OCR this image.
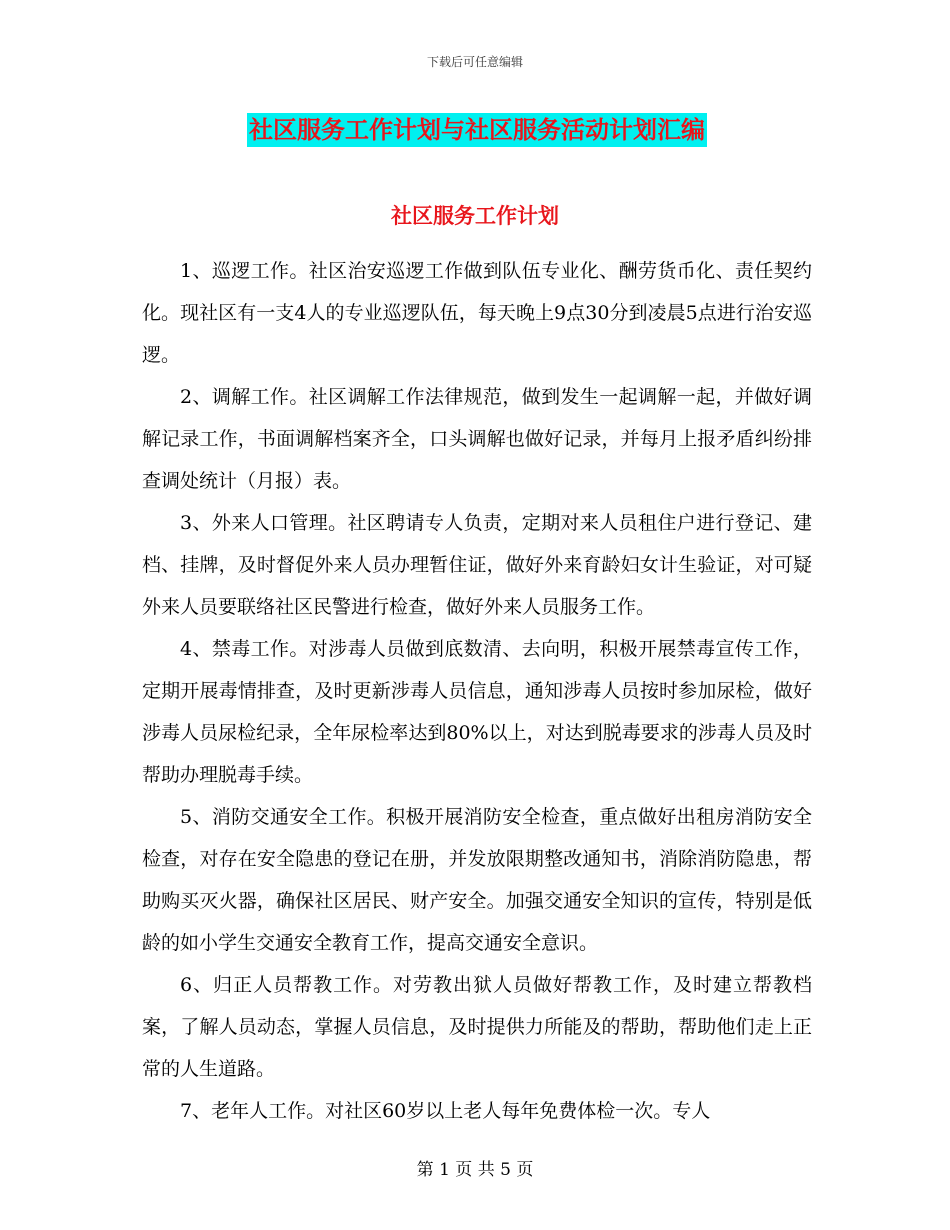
下载后可任意编辑
社区服务工作计划与社区服务活动计划汇编
社区服务工作计划

1、巡逻工作。社区治安巡逻工作做到队伍专业化、酬劳货币化、责任契约化。现社区有一支4人的专业巡逻队伍，每天晚上9点30分到凌晨5点进行治安巡逻。

2、调解工作。社区调解工作法律规范，做到发生一起调解一起，并做好调解记录工作，书面调解档案齐全，口头调解也做好记录，并每月上报矛盾纠纷排查调处统计（月报）表。

3、外来人口管理。社区聘请专人负责，定期对来人员租住户进行登记、建档、挂牌，及时督促外来人员办理暂住证，做好外来育龄妇女计生验证，对可疑外来人员要联络社区民警进行检查，做好外来人员服务工作。

4、禁毒工作。对涉毒人员做到底数清、去向明，积极开展禁毒宣传工作，定期开展毒情排查，及时更新涉毒人员信息，通知涉毒人员按时参加尿检，做好涉毒人员尿检纪录，全年尿检率达到80%以上，对达到脱毒要求的涉毒人员及时帮助办理脱毒手续。

5、消防交通安全工作。积极开展消防安全检查，重点做好出租房消防安全检查，对存在安全隐患的登记在册，并发放限期整改通知书，消除消防隐患，帮助购买灭火器，确保社区居民、财产安全。加强交通安全知识的宣传，特别是低龄的如小学生交通安全教育工作，提高交通安全意识。

6、归正人员帮教工作。对劳教出狱人员做好帮教工作，及时建立帮教档案，了解人员动态，掌握人员信息，及时提供力所能及的帮助，帮助他们走上正常的人生道路。

7、老年人工作。对社区60岁以上老人每年免费体检一次。专人

第 1 页 共 5 页
